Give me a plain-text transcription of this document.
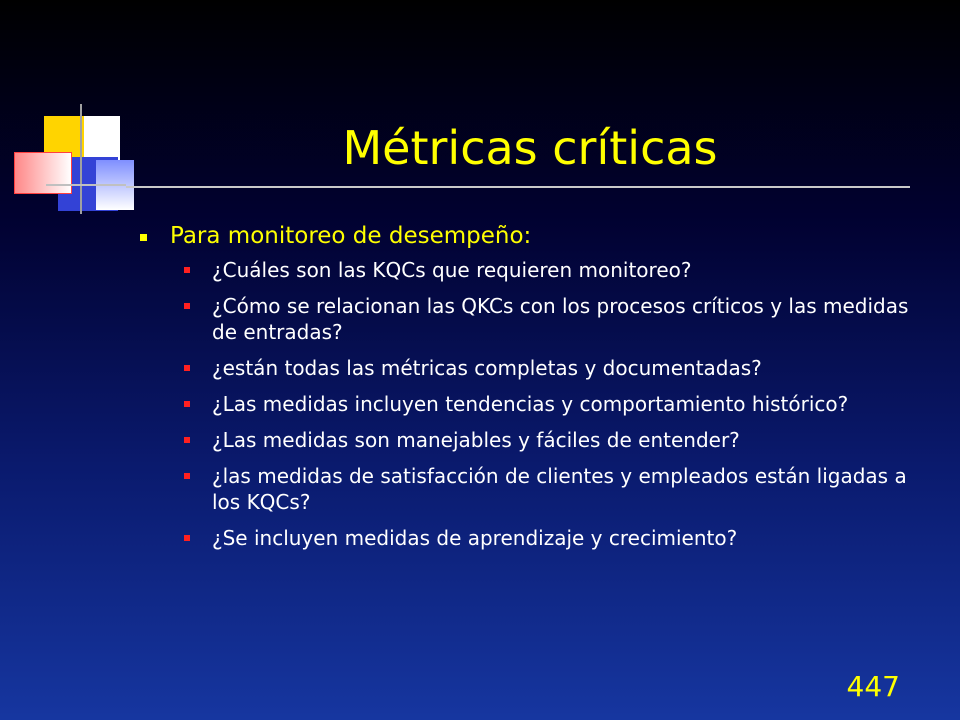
Métricas críticas
Para monitoreo de desempeño:
¿Cuáles son las KQCs que requieren monitoreo?
¿Cómo se relacionan las QKCs con los procesos críticos y las medidas de entradas?
¿están todas las métricas completas y documentadas?
¿Las medidas incluyen tendencias y comportamiento histórico?
¿Las medidas son manejables y fáciles de entender?
¿las medidas de satisfacción de clientes y empleados están ligadas a los KQCs?
¿Se incluyen medidas de aprendizaje y crecimiento?
447
